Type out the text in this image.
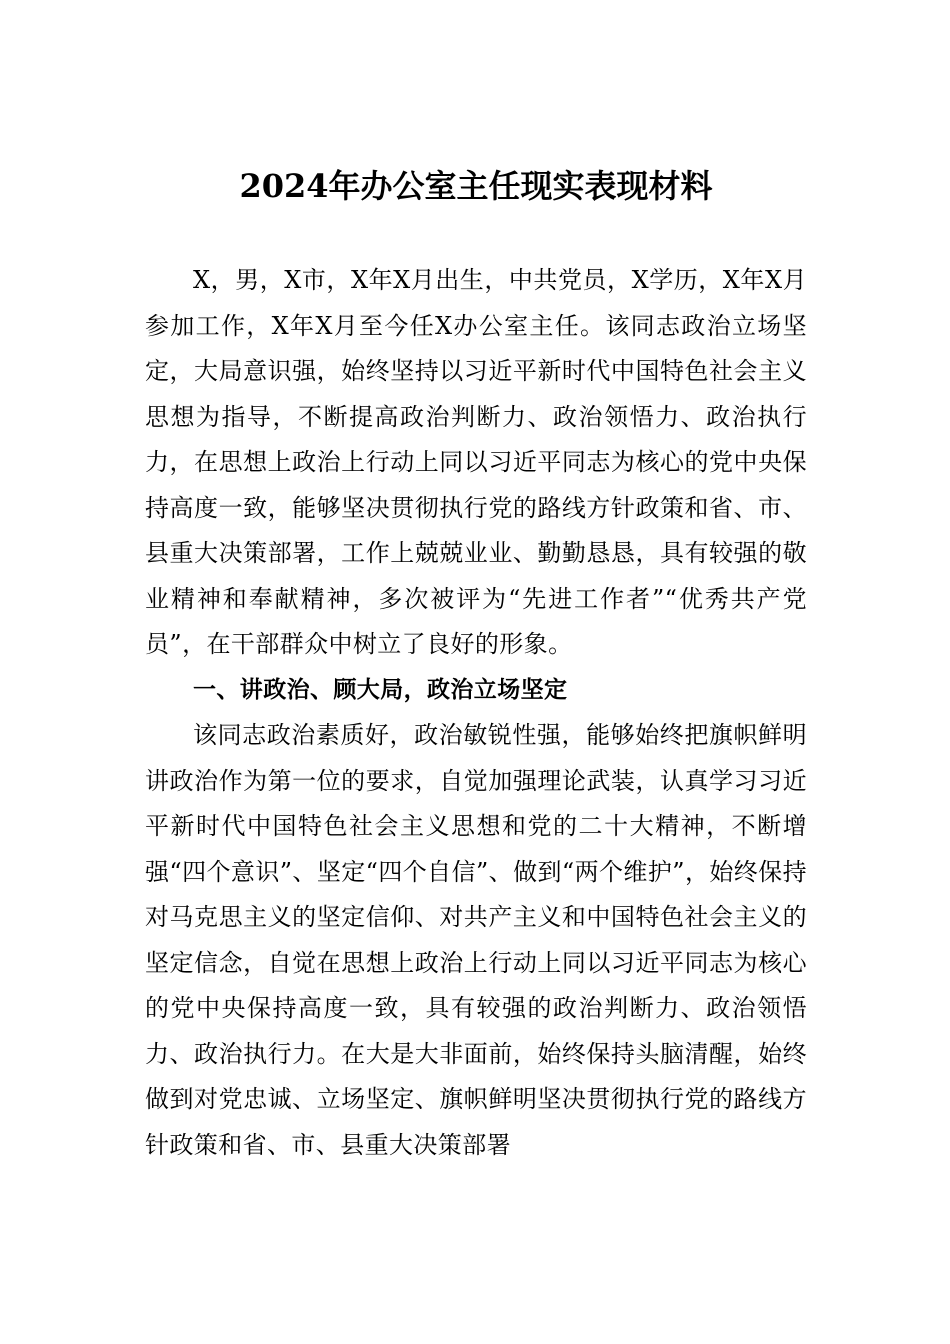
2024年办公室主任现实表现材料

X，男，X市，X年X月出生，中共党员，X学历，X年X月参加工作，X年X月至今任X办公室主任。该同志政治立场坚定，大局意识强，始终坚持以习近平新时代中国特色社会主义思想为指导，不断提高政治判断力、政治领悟力、政治执行力，在思想上政治上行动上同以习近平同志为核心的党中央保持高度一致，能够坚决贯彻执行党的路线方针政策和省、市、县重大决策部署，工作上兢兢业业、勤勤恳恳，具有较强的敬业精神和奉献精神，多次被评为“先进工作者”“优秀共产党员”，在干部群众中树立了良好的形象。

一、讲政治、顾大局，政治立场坚定

该同志政治素质好，政治敏锐性强，能够始终把旗帜鲜明讲政治作为第一位的要求，自觉加强理论武装，认真学习习近平新时代中国特色社会主义思想和党的二十大精神，不断增强“四个意识”、坚定“四个自信”、做到“两个维护”，始终保持对马克思主义的坚定信仰、对共产主义和中国特色社会主义的坚定信念，自觉在思想上政治上行动上同以习近平同志为核心的党中央保持高度一致，具有较强的政治判断力、政治领悟力、政治执行力。在大是大非面前，始终保持头脑清醒，始终做到对党忠诚、立场坚定、旗帜鲜明坚决贯彻执行党的路线方针政策和省、市、县重大决策部署
